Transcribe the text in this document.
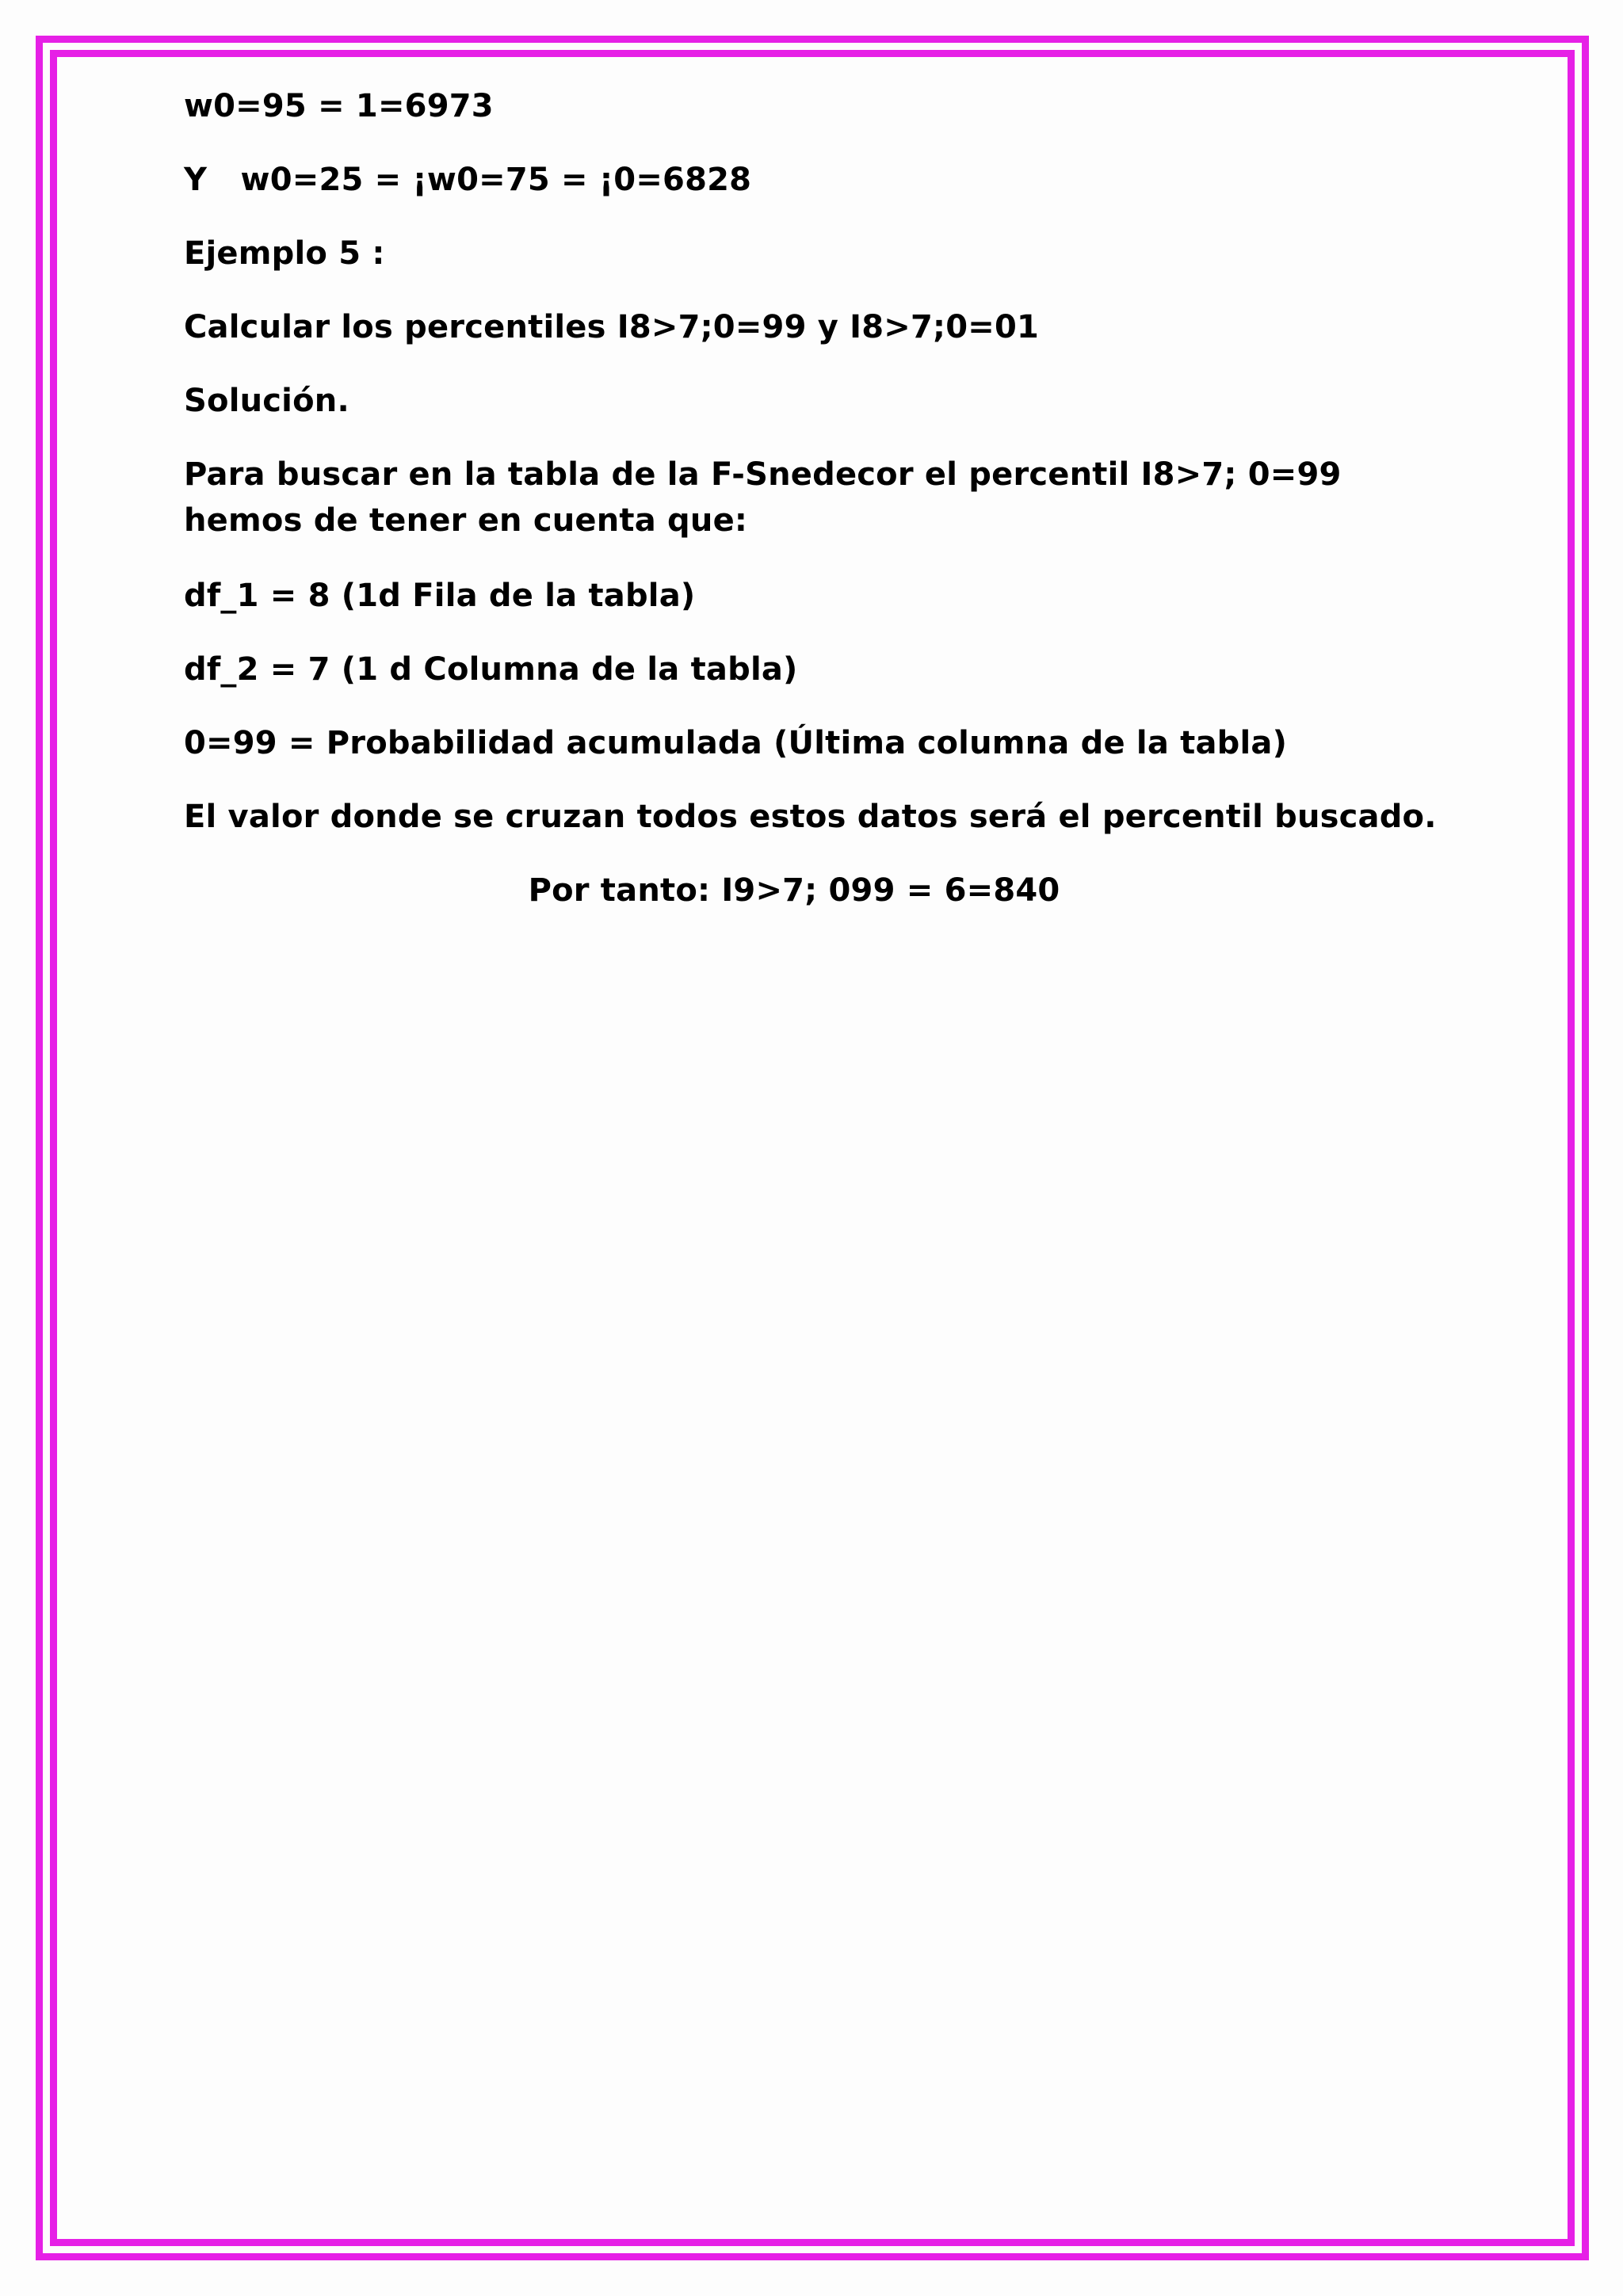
w0=95 = 1=6973

Y   w0=25 = ¡w0=75 = ¡0=6828

Ejemplo 5 :

Calcular los percentiles I8>7;0=99 y I8>7;0=01

Solución.

Para buscar en la tabla de la F-Snedecor el percentil I8>7; 0=99 hemos de tener en cuenta que:

df_1 = 8 (1d Fila de la tabla)

df_2 = 7 (1 d Columna de la tabla)

0=99 = Probabilidad acumulada (Última columna de la tabla)

El valor donde se cruzan todos estos datos será el percentil buscado.

Por tanto: I9>7; 099 = 6=840
